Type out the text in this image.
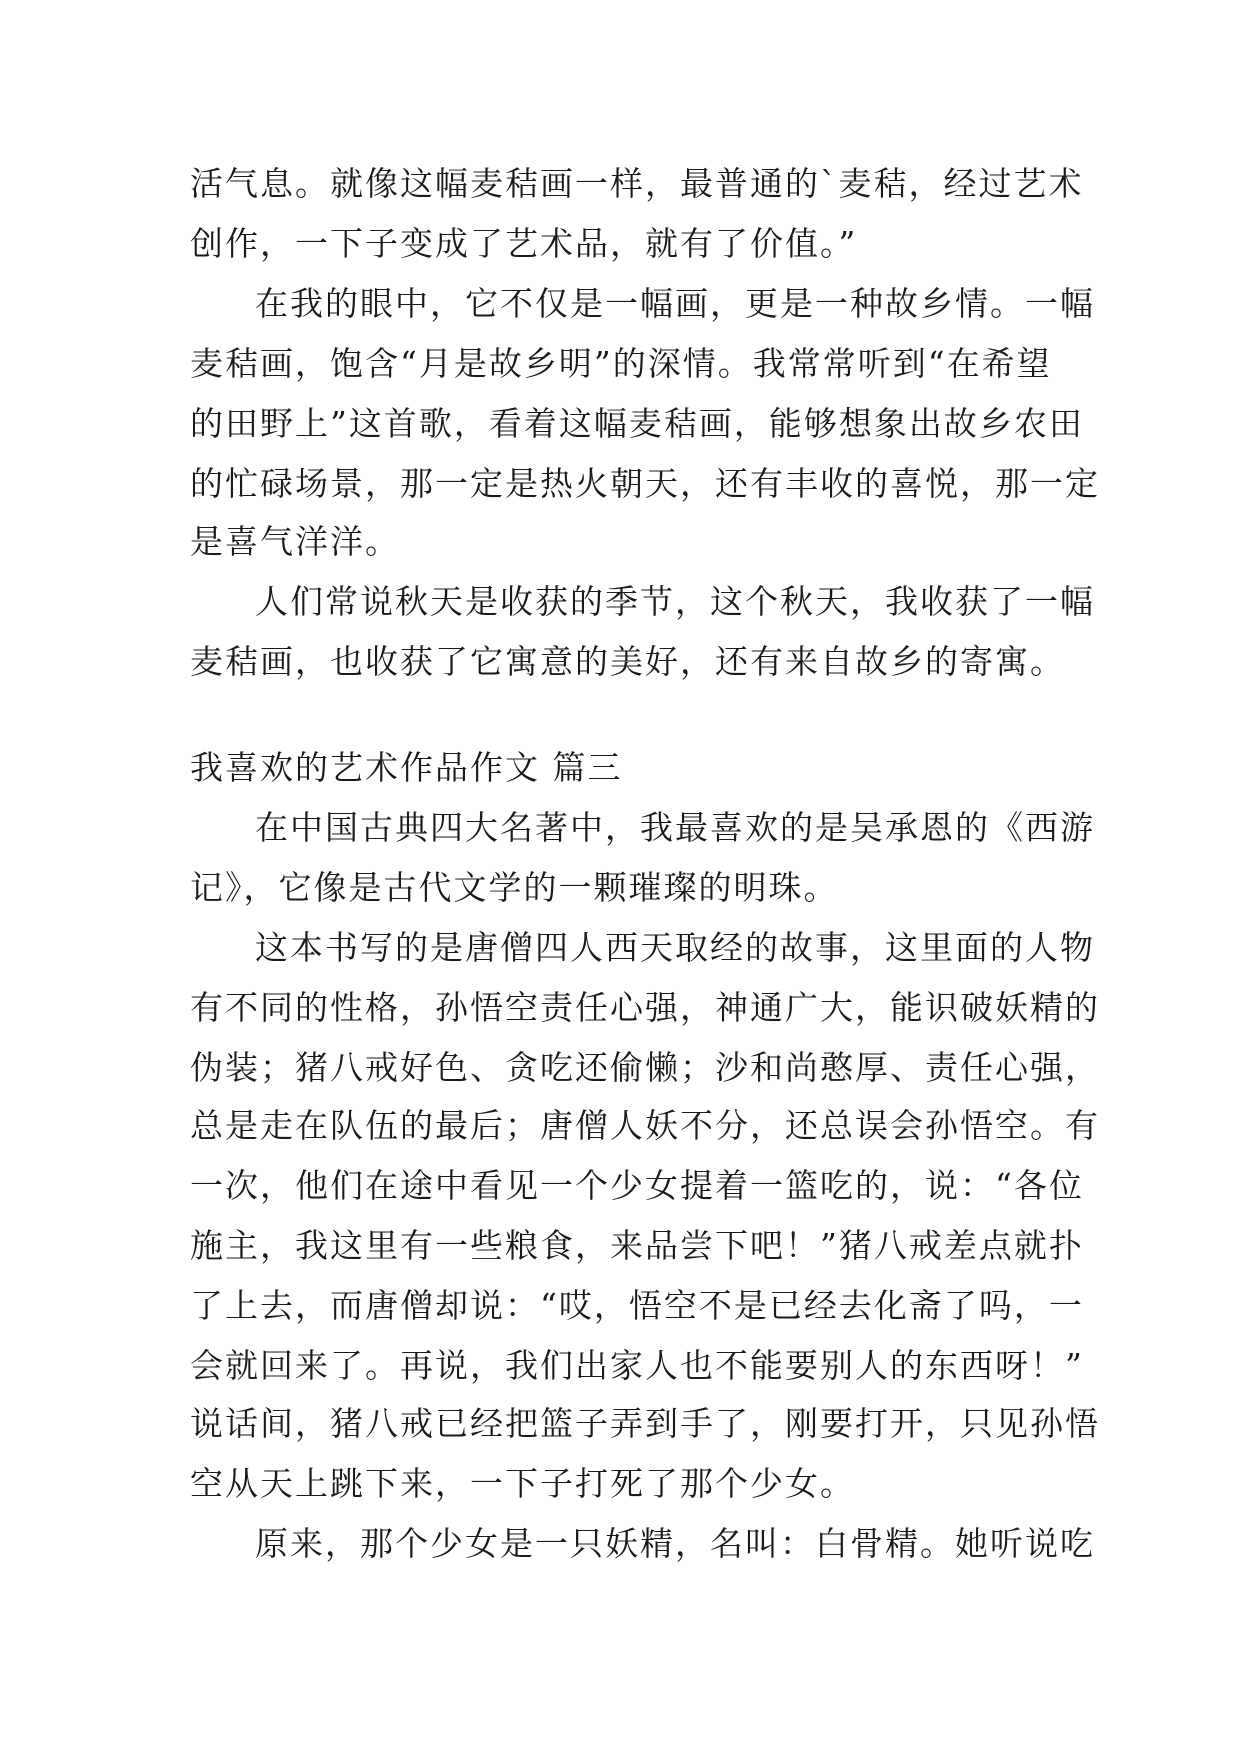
活气息。就像这幅麦秸画一样，最普通的`麦秸，经过艺术
创作，一下子变成了艺术品，就有了价值。”
在我的眼中，它不仅是一幅画，更是一种故乡情。一幅
麦秸画，饱含“月是故乡明”的深情。我常常听到“在希望
的田野上”这首歌，看着这幅麦秸画，能够想象出故乡农田
的忙碌场景，那一定是热火朝天，还有丰收的喜悦，那一定
是喜气洋洋。
人们常说秋天是收获的季节，这个秋天，我收获了一幅
麦秸画，也收获了它寓意的美好，还有来自故乡的寄寓。
我喜欢的艺术作品作文 篇三
在中国古典四大名著中，我最喜欢的是吴承恩的《西游
记》，它像是古代文学的一颗璀璨的明珠。
这本书写的是唐僧四人西天取经的故事，这里面的人物
有不同的性格，孙悟空责任心强，神通广大，能识破妖精的
伪装；猪八戒好色、贪吃还偷懒；沙和尚憨厚、责任心强，
总是走在队伍的最后；唐僧人妖不分，还总误会孙悟空。有
一次，他们在途中看见一个少女提着一篮吃的，说：“各位
施主，我这里有一些粮食，来品尝下吧！”猪八戒差点就扑
了上去，而唐僧却说：“哎，悟空不是已经去化斋了吗，一
会就回来了。再说，我们出家人也不能要别人的东西呀！”
说话间，猪八戒已经把篮子弄到手了，刚要打开，只见孙悟
空从天上跳下来，一下子打死了那个少女。
原来，那个少女是一只妖精，名叫：白骨精。她听说吃
